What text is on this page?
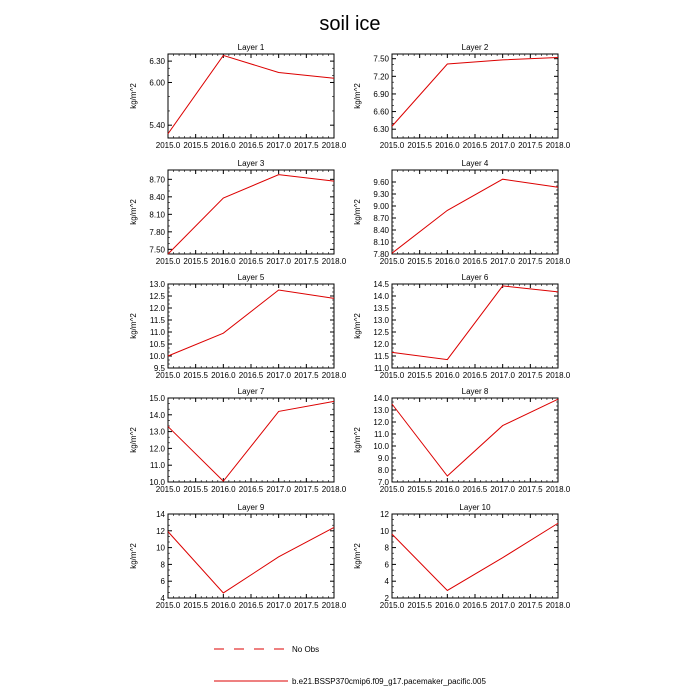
soil ice
Layer 1
kg/m^2
2015.0 2015.5 2016.0 2016.5 2017.0 2017.5 2018.0
5.40
6.00
6.30
Layer 2
kg/m^2
2015.0 2015.5 2016.0 2016.5 2017.0 2017.5 2018.0
6.30
6.60
6.90
7.20
7.50
Layer 3
kg/m^2
2015.0 2015.5 2016.0 2016.5 2017.0 2017.5 2018.0
7.50
7.80
8.10
8.40
8.70
Layer 4
kg/m^2
2015.0 2015.5 2016.0 2016.5 2017.0 2017.5 2018.0
7.80
8.10
8.40
8.70
9.00
9.30
9.60
Layer 5
kg/m^2
2015.0 2015.5 2016.0 2016.5 2017.0 2017.5 2018.0
9.5
10.0
10.5
11.0
11.5
12.0
12.5
13.0
Layer 6
kg/m^2
2015.0 2015.5 2016.0 2016.5 2017.0 2017.5 2018.0
11.0
11.5
12.0
12.5
13.0
13.5
14.0
14.5
Layer 7
kg/m^2
2015.0 2015.5 2016.0 2016.5 2017.0 2017.5 2018.0
10.0
11.0
12.0
13.0
14.0
15.0
Layer 8
kg/m^2
2015.0 2015.5 2016.0 2016.5 2017.0 2017.5 2018.0
7.0
8.0
9.0
10.0
11.0
12.0
13.0
14.0
Layer 9
kg/m^2
2015.0 2015.5 2016.0 2016.5 2017.0 2017.5 2018.0
4
6
8
10
12
14
Layer 10
kg/m^2
2015.0 2015.5 2016.0 2016.5 2017.0 2017.5 2018.0
2
4
6
8
10
12
No Obs
b.e21.BSSP370cmip6.f09_g17.pacemaker_pacific.005
